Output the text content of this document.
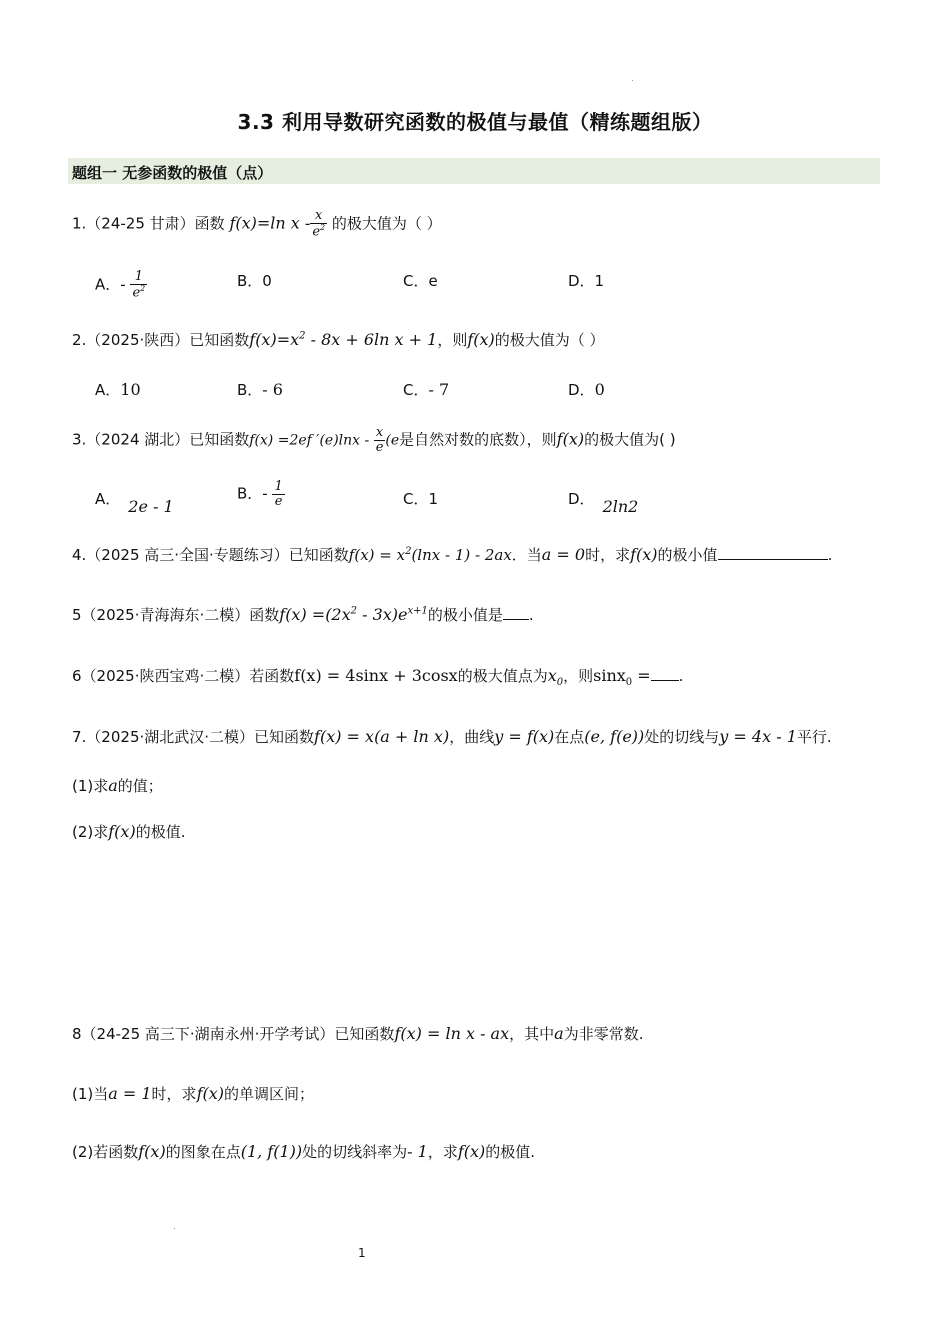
3.3 利用导数研究函数的极值与最值（精练题组版）
题组一 无参函数的极值（点）
1.（24-25 甘肃）函数 f(x)=ln x - $\frac{x}{e^2}$ 的极大值为（ ）
A．- $\frac{1}{e^2}$	B．0	C．e	D．1
2.（2025·陕西）已知函数$f(x)=x^2 - 8x + 6\ln$ x + 1，则f(x)的极大值为（ ）
A．10	B．- 6	C．- 7	D．0
3.（2024 湖北）已知函数f(x) =2ef $'(e)\ln x - \frac{x}{e} (e$是自然对数的底数），则f(x)的极大值为( )
A． 2e - 1
B．- $\frac{1}{e}$	C．1	D． 2ln2
4.（2025 高三·全国·专题练习）已知函数$f(x) = x^2(\ln x - 1) - 2ax$．当a = 0时，求f(x)的极小值	.
5（2025·青海海东·二模）函数$f(x) =(2x^2 - 3x)e^{x+1}$的极小值是 .
6（2025·陕西宝鸡·二模）若函数f(x) = 4sinx + 3cosx的极大值点为$x_0$，则sinx$_0$ = .
7.（2025·湖北武汉·二模）已知函数f(x) = x(a + ln x)，曲线y = f(x)在点(e, f(e))处的切线与y = 4x - 1平行.
(1)求a的值；
(2)求f(x)的极值.
8（24-25 高三下·湖南永州·开学考试）已知函数f(x) = ln x - ax，其中a为非零常数.
(1)当a = 1时，求f(x)的单调区间；
(2)若函数f(x)的图象在点(1, f(1))处的切线斜率为- 1，求f(x)的极值.
1
